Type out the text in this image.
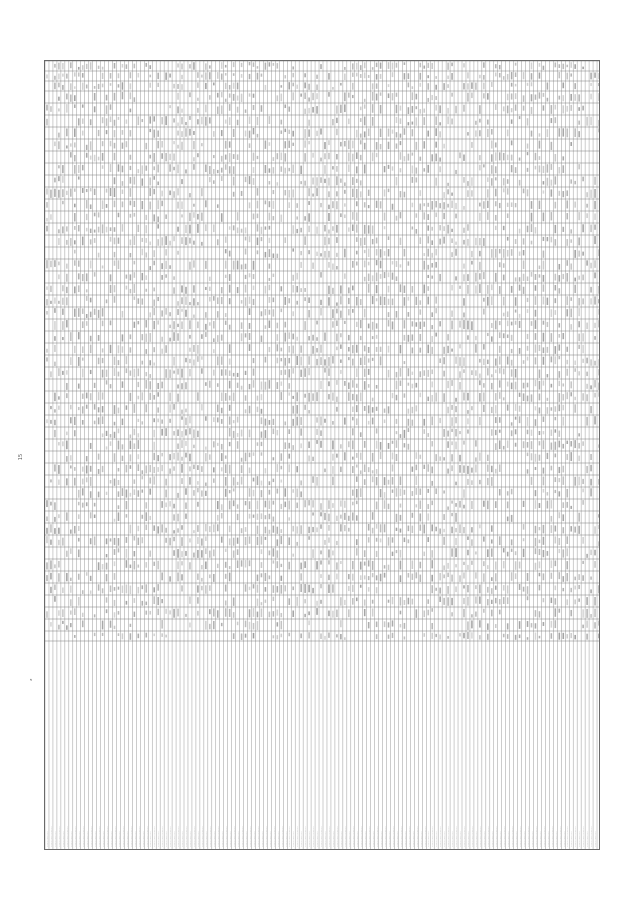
15
……………… …………………… ……………… …………………… ……………… …………………… ……………… …………………… ……………… …………………… ……………… …………………… ……………… …………………… ……………… …………………… ……………… …………………… ……………… …………………… ……………… …………………… ……………… …………………… ……………… …………………… ……………… …………………… ……………… …………………… ……………… …………………… ……………… …………………… ……………… …………………… ……………… …………………… ……………… …………………… ……………… …………………… ……………… …………………… ……………… …………………… ……………… …………………… ……………… …………………… ……………… …………………… ……………… …………………… ……………… …………………… ……………… …………………… ……………… …………………… ……………… …………………… ……………… …………………… ……………… …………………… ……………… …………………… ……………… …………………… ……………… …………………… ……………… …………………… ……………… …………………… ……………… …………………… ……………… …………………… ……………… …………………… ……………… …………………… ……………… …………………… ……………… …………………… ……………… …………………… ……………… …………………… ……………… …………………… ……………… …………………… ……………… …………………… ……………… …………………… ……………… …………………… ……………… …………………… ……………… …………………… ……………… …………………… ……………… …………………… ……………… …………………… ……………… …………………… ……………… …………………… ……………… …………………… ……………… …………………… ……………… …………………… ……………… …………………… ……………… …………………… ……………… …………………… ……………… …………………… ……………… …………………… ……………… …………………… ……………… …………………… ……………… …………………… ……………… ……………………
#
